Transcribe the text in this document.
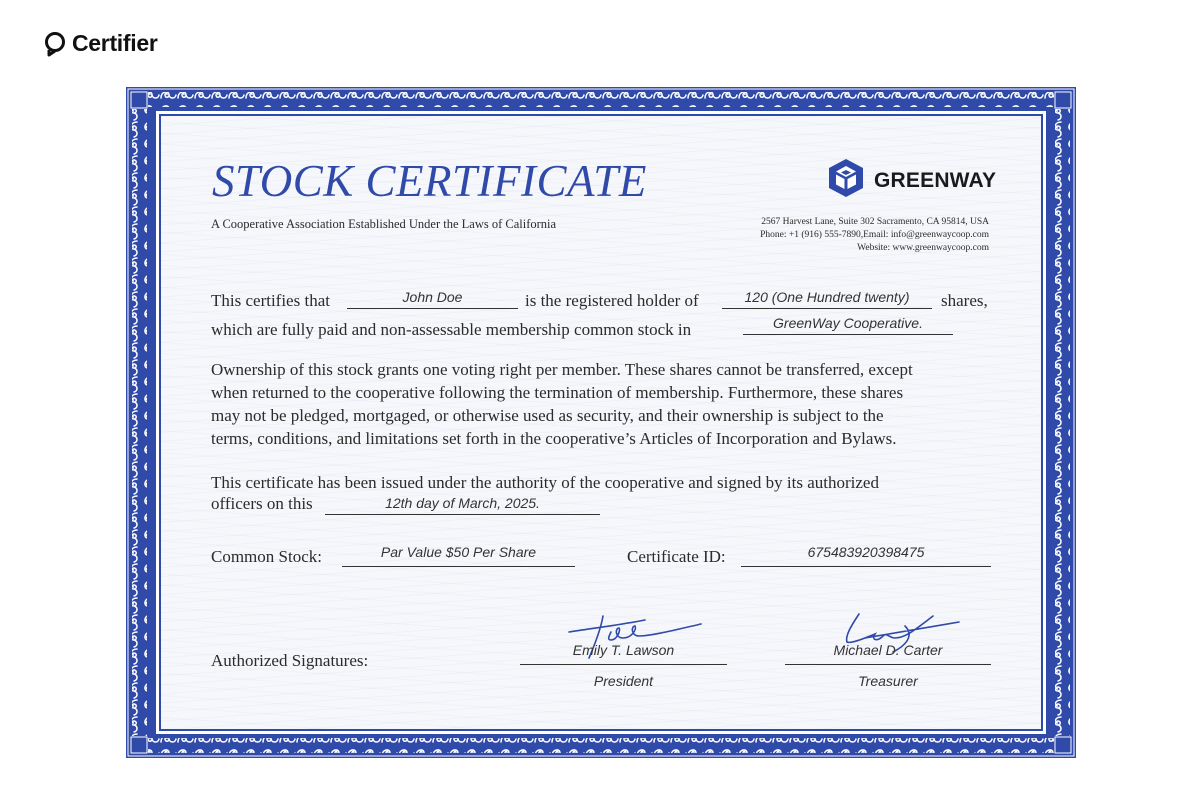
Certifier
STOCK CERTIFICATE
A Cooperative Association Established Under the Laws of California
GREENWAY
2567 Harvest Lane, Suite 302 Sacramento, CA 95814, USA
Phone: +1 (916) 555-7890,Email: info@greenwaycoop.com
Website: www.greenwaycoop.com
This certifies that	John Doe	is the registered holder of	120 (One Hundred twenty)	shares,
which are fully paid and non-assessable membership common stock in	GreenWay Cooperative.
Ownership of this stock grants one voting right per member. These shares cannot be transferred, except
when returned to the cooperative following the termination of membership. Furthermore, these shares
may not be pledged, mortgaged, or otherwise used as security, and their ownership is subject to the
terms, conditions, and limitations set forth in the cooperative’s Articles of Incorporation and Bylaws.
This certificate has been issued under the authority of the cooperative and signed by its authorized
officers on this	12th day of March, 2025.
Common Stock:	Par Value $50 Per Share	Certificate ID:	675483920398475
Authorized Signatures:
Emily T. Lawson
President
Michael D. Carter
Treasurer
